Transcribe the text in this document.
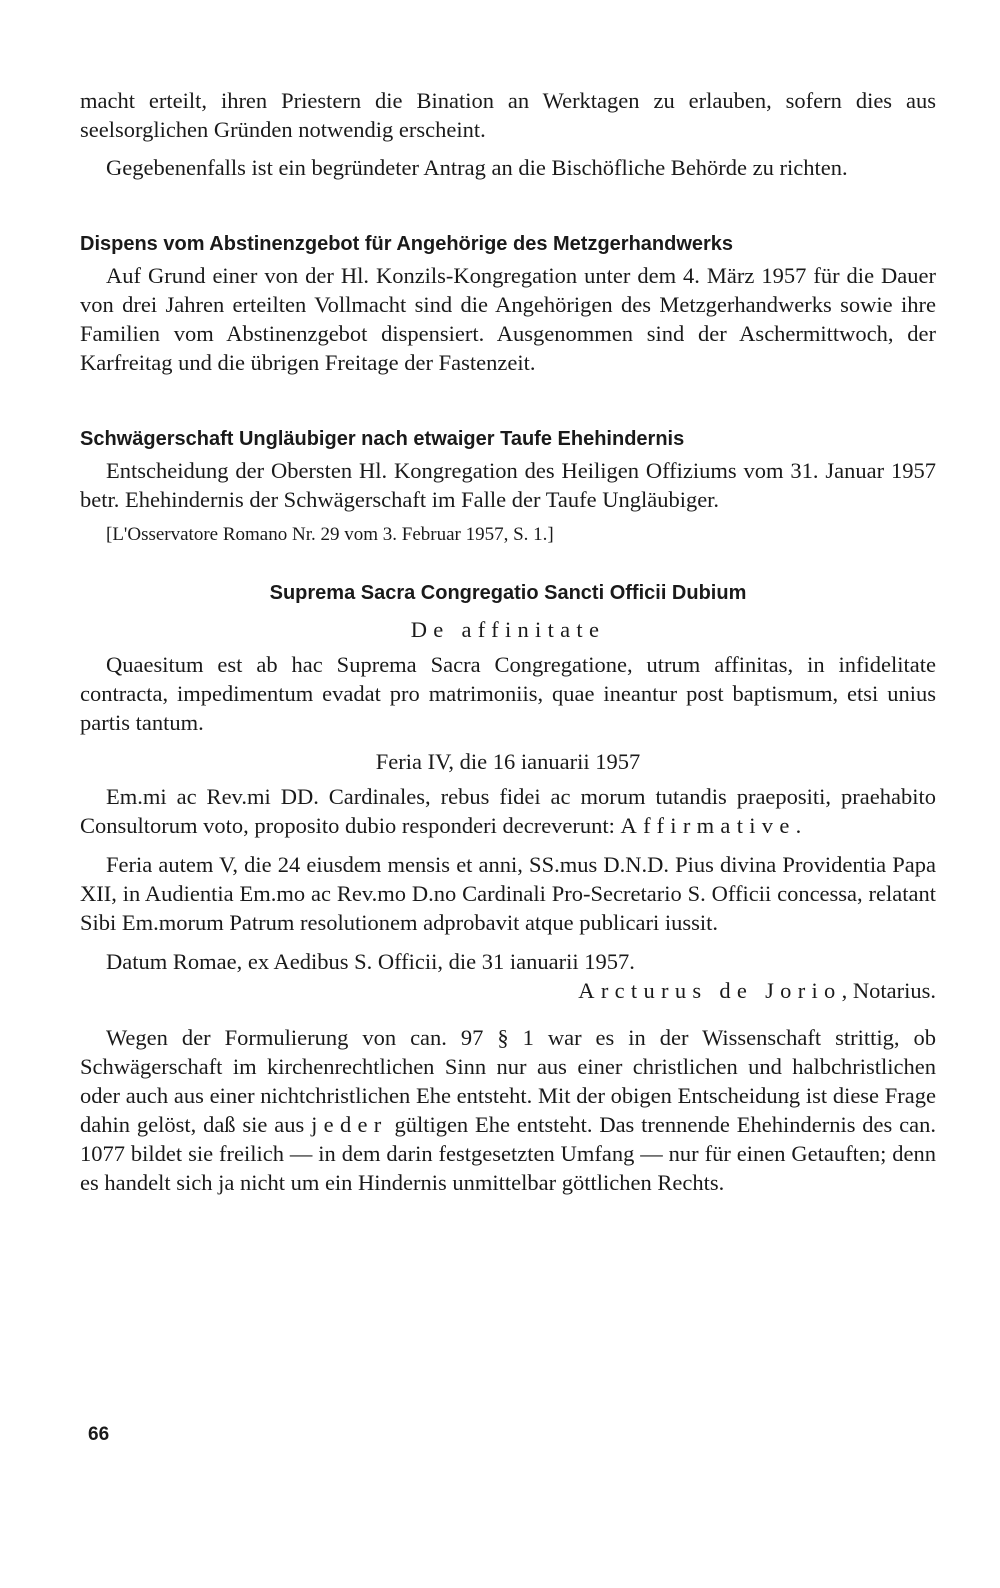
macht erteilt, ihren Priestern die Bination an Werktagen zu erlauben, sofern dies aus seelsorglichen Gründen notwendig erscheint.

Gegebenenfalls ist ein begründeter Antrag an die Bischöfliche Behörde zu richten.

Dispens vom Abstinenzgebot für Angehörige des Metzgerhandwerks

Auf Grund einer von der Hl. Konzils-Kongregation unter dem 4. März 1957 für die Dauer von drei Jahren erteilten Vollmacht sind die Angehörigen des Metzgerhandwerks sowie ihre Familien vom Abstinenzgebot dispensiert. Ausgenommen sind der Aschermittwoch, der Karfreitag und die übrigen Freitage der Fastenzeit.

Schwägerschaft Ungläubiger nach etwaiger Taufe Ehehindernis

Entscheidung der Obersten Hl. Kongregation des Heiligen Offiziums vom 31. Januar 1957 betr. Ehehindernis der Schwägerschaft im Falle der Taufe Ungläubiger.

[L'Osservatore Romano Nr. 29 vom 3. Februar 1957, S. 1.]

Suprema Sacra Congregatio Sancti Officii Dubium

De affinitate

Quaesitum est ab hac Suprema Sacra Congregatione, utrum affinitas, in infidelitate contracta, impedimentum evadat pro matrimoniis, quae ineantur post baptismum, etsi unius partis tantum.

Feria IV, die 16 ianuarii 1957

Em.mi ac Rev.mi DD. Cardinales, rebus fidei ac morum tutandis praepositi, praehabito Consultorum voto, proposito dubio responderi decreverunt: Affirmative.

Feria autem V, die 24 eiusdem mensis et anni, SS.mus D.N.D. Pius divina Providentia Papa XII, in Audientia Em.mo ac Rev.mo D.no Cardinali Pro-Secretario S. Officii concessa, relatant Sibi Em.morum Patrum resolutionem adprobavit atque publicari iussit.

Datum Romae, ex Aedibus S. Officii, die 31 ianuarii 1957.

Arcturus de Jorio, Notarius.

Wegen der Formulierung von can. 97 § 1 war es in der Wissenschaft strittig, ob Schwägerschaft im kirchenrechtlichen Sinn nur aus einer christlichen und halbchristlichen oder auch aus einer nichtchristlichen Ehe entsteht. Mit der obigen Entscheidung ist diese Frage dahin gelöst, daß sie aus jeder gültigen Ehe entsteht. Das trennende Ehehindernis des can. 1077 bildet sie freilich — in dem darin festgesetzten Umfang — nur für einen Getauften; denn es handelt sich ja nicht um ein Hindernis unmittelbar göttlichen Rechts.

66
